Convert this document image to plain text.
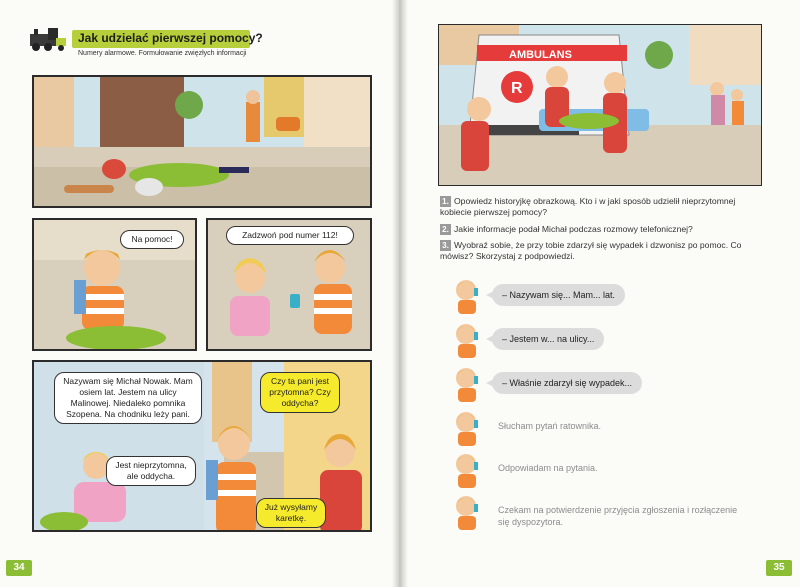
Jak udzielać pierwszej pomocy?
Numery alarmowe. Formułowanie zwięzłych informacji
Na pomoc!	Zadzwoń pod numer 112!
Nazywam się Michał Nowak. Mam osiem lat. Jestem na ulicy Malinowej. Niedaleko pomnika Szopena. Na chodniku leży pani.
Czy ta pani jest przytomna? Czy oddycha?
Jest nieprzytomna, ale oddycha.
Już wysyłamy karetkę.
AMBULANS
R
1. Opowiedz historyjkę obrazkową. Kto i w jaki sposób udzielił nieprzytomnej kobiecie pierwszej pomocy?
2. Jakie informacje podał Michał podczas rozmowy telefonicznej?
3. Wyobraź sobie, że przy tobie zdarzył się wypadek i dzwonisz po pomoc. Co mówisz? Skorzystaj z podpowiedzi.
– Nazywam się... Mam... lat.
– Jestem w... na ulicy...
– Właśnie zdarzył się wypadek...
Słucham pytań ratownika.
Odpowiadam na pytania.
Czekam na potwierdzenie przyjęcia zgłoszenia i rozłączenie się dyspozytora.
34	35
